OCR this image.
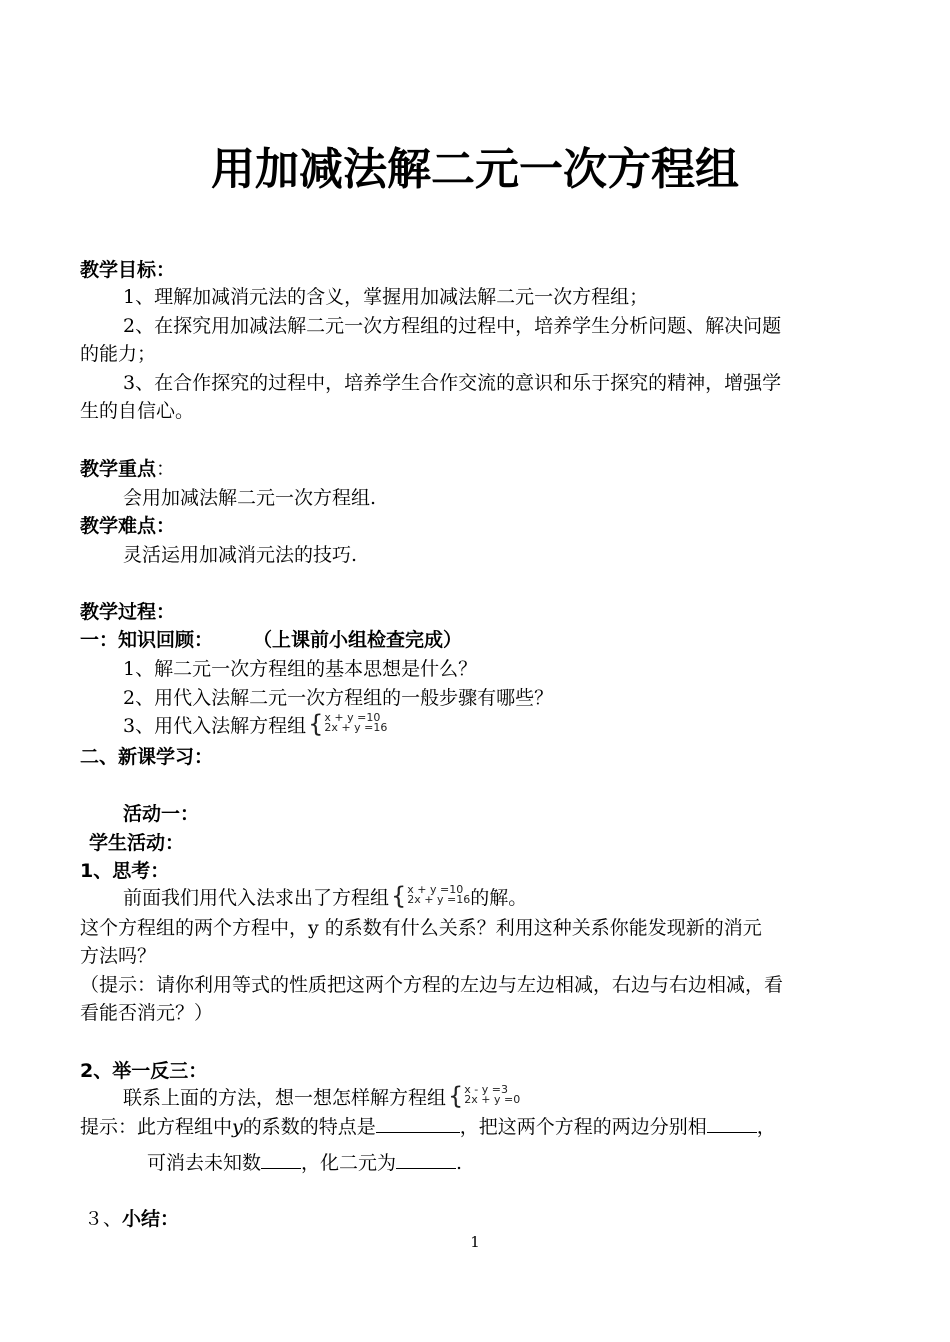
用加减法解二元一次方程组
教学目标：
1、理解加减消元法的含义，掌握用加减法解二元一次方程组；
2、在探究用加减法解二元一次方程组的过程中，培养学生分析问题、解决问题
的能力；
3、在合作探究的过程中，培养学生合作交流的意识和乐于探究的精神，增强学
生的自信心。
教学重点：
会用加减法解二元一次方程组.
教学难点：
灵活运用加减消元法的技巧.
教学过程：
一：知识回顾： （上课前小组检查完成）
1、解二元一次方程组的基本思想是什么？
2、用代入法解二元一次方程组的一般步骤有哪些？
3、用代入法解方程组{ x + y =10
2x + y =16
二、新课学习：
活动一：
学生活动：
1、思考：
前面我们用代入法求出了方程组{ x + y =10
2x + y =16 的解。
这个方程组的两个方程中，y 的系数有什么关系？利用这种关系你能发现新的消元
方法吗？
（提示：请你利用等式的性质把这两个方程的左边与左边相减，右边与右边相减，看
看能否消元？）
2、举一反三：
联系上面的方法，想一想怎样解方程组{ x - y =3
2x + y =0
提示：此方程组中y的系数的特点是	，把这两个方程的两边分别相	，
可消去未知数 ，化二元为	.
３、小结：
1
